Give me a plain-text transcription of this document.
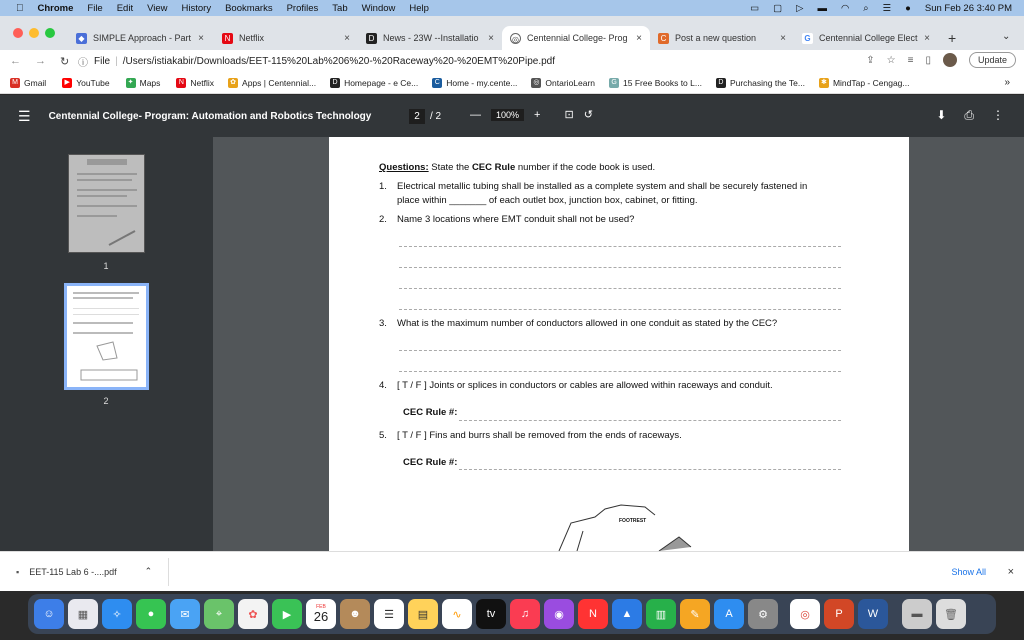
Chrome File Edit View History Bookmarks Profiles Tab Window Help	▭ ▢ ▷ ▬ ◠ ⌕ ☰ ● Sun Feb 26 3:40 PM
◆ SIMPLE Approach - Part ×	N Netflix	×	D News - 23W --Installatio × ◎ Centennial College- Prog ×	C Post a new question × G Centennial College Elect × +	⌄
← → ↻ ⓘ File | /Users/istiakabir/Downloads/EET-115%20Lab%206%20-%20Raceway%20-%20EMT%20Pipe.pdf	⇪ ☆ ≡ ▯	Update
M Gmail	▶ YouTube	✦ Maps	N Netflix ✿ Apps | Centennial...	D Homepage - e Ce...	C Home - my.cente... ◎ OntarioLearn	G 15 Free Books to L...	D Purchasing the Te... ✱ MindTap - Cengag...	»
☰ Centennial College- Program: Automation and Robotics Technology	2	/ 2	—	100%	+ ⊡ ↺	⬇ ⎙ ⋮
1
2
Questions: State the CEC Rule number if the code book is used.
1. Electrical metallic tubing shall be installed as a complete system and shall be securely fastened in
place within _______ of each outlet box, junction box, cabinet, or fitting.
2. Name 3 locations where EMT conduit shall not be used?
3. What is the maximum number of conductors allowed in one conduit as stated by the CEC?
4. [ T / F ] Joints or splices in conductors or cables are allowed within raceways and conduit.
CEC Rule #:
5. [ T / F ] Fins and burrs shall be removed from the ends of raceways.
CEC Rule #:
FOOTREST
▪ EET-115 Lab 6 -....pdf	⌃	Show All ×
☺	▦	✧	●	✉	⌖	✿	▶
FEB
26	☻	☰	▤	∿	tv	♫	◉	N	▲	▥	✎	A	⚙	◎	P	W	▬	🗑
